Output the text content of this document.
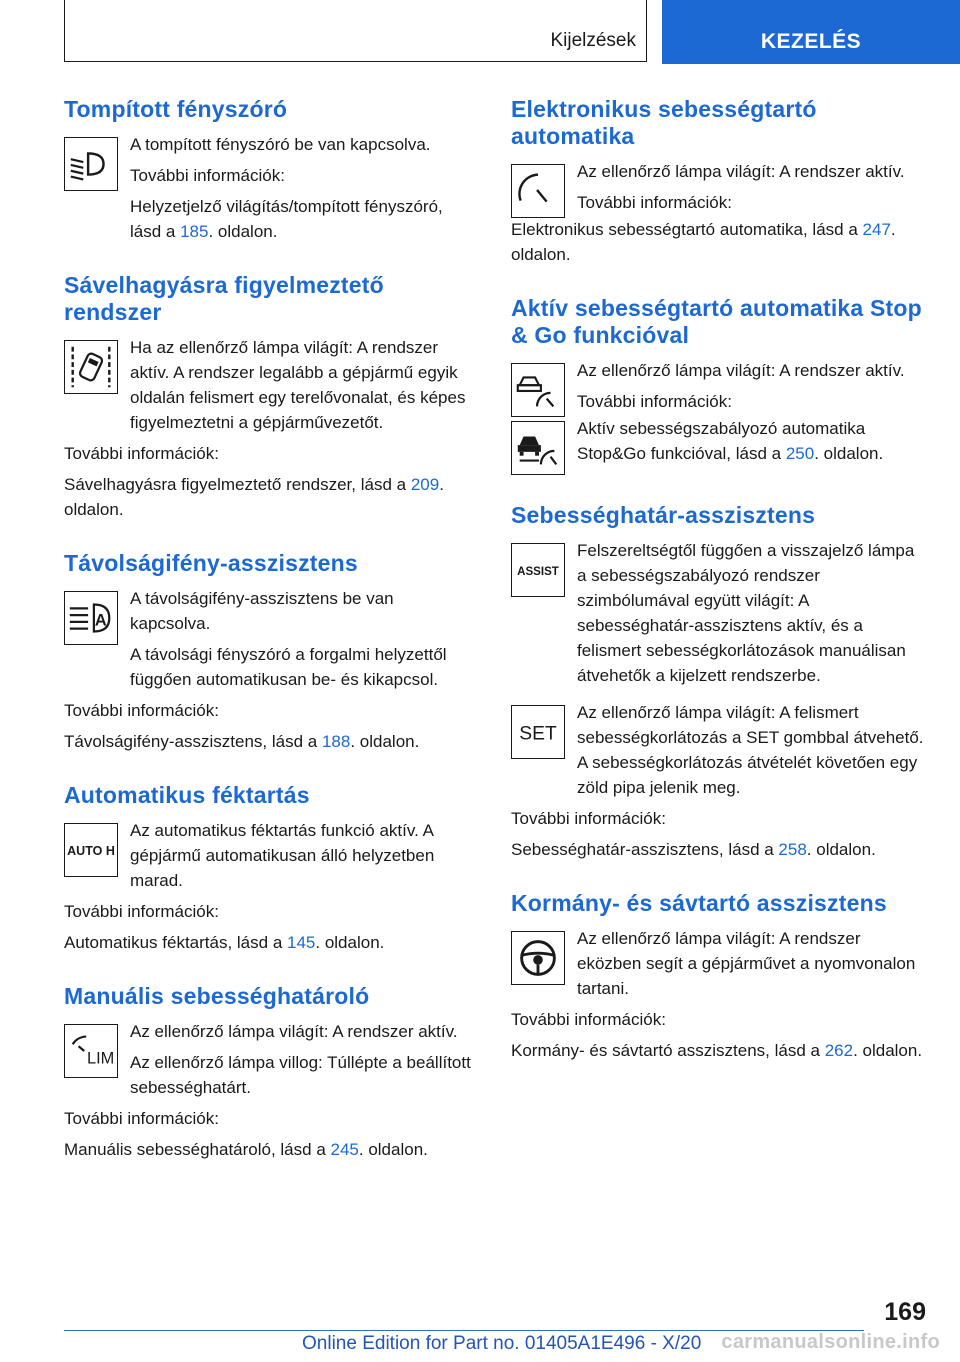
Kijelzések	KEZELÉS
Tompított fényszóró

A tompított fényszóró be van kapcsolva.

További információk:

Helyzetjelző világítás/tompított fényszóró, lásd a 185. oldalon.

Sávelhagyásra figyelmeztető rendszer

Ha az ellenőrző lámpa világít: A rendszer aktív. A rendszer legalább a gépjármű egyik oldalán felismert egy terelővonalat, és képes figyelmeztetni a gépjárművezetőt.

További információk:

Sávelhagyásra figyelmeztető rendszer, lásd a 209. oldalon.

Távolságifény-asszisztens
A

A távolságifény-asszisztens be van kapcsolva.

A távolsági fényszóró a forgalmi helyzettől függően automatikusan be- és kikapcsol.

További információk:

Távolságifény-asszisztens, lásd a 188. oldalon.

Automatikus féktartás
AUTO H

Az automatikus féktartás funkció aktív. A gépjármű automatikusan álló helyzetben marad.

További információk:

Automatikus féktartás, lásd a 145. oldalon.

Manuális sebességhatároló
LIM

Az ellenőrző lámpa világít: A rendszer aktív.

Az ellenőrző lámpa villog: Túllépte a beállított sebességhatárt.

További információk:

Manuális sebességhatároló, lásd a 245. oldalon.

Elektronikus sebességtartó automatika

Az ellenőrző lámpa világít: A rendszer aktív.

További információk:

Elektronikus sebességtartó automatika, lásd a 247. oldalon.

Aktív sebességtartó automatika Stop & Go funkcióval

Az ellenőrző lámpa világít: A rendszer aktív.

További információk:

Aktív sebességszabályozó automatika Stop&Go funkcióval, lásd a 250. oldalon.

Sebességhatár-asszisztens
ASSIST

Felszereltségtől függően a visszajelző lámpa a sebességszabályozó rendszer szimbólumával együtt világít: A sebességhatár-asszisztens aktív, és a felismert sebességkorlátozások manuálisan átvehetők a kijelzett rendszerbe.

SET

Az ellenőrző lámpa világít: A felismert sebességkorlátozás a SET gombbal átvehető. A sebességkorlátozás átvételét követően egy zöld pipa jelenik meg.

További információk:

Sebességhatár-asszisztens, lásd a 258. oldalon.

Kormány- és sávtartó asszisztens

Az ellenőrző lámpa világít: A rendszer eközben segít a gépjárművet a nyomvonalon tartani.

További információk:

Kormány- és sávtartó asszisztens, lásd a 262. oldalon.

169
Online Edition for Part no. 01405A1E496 - X/20 carmanualsonline.info
